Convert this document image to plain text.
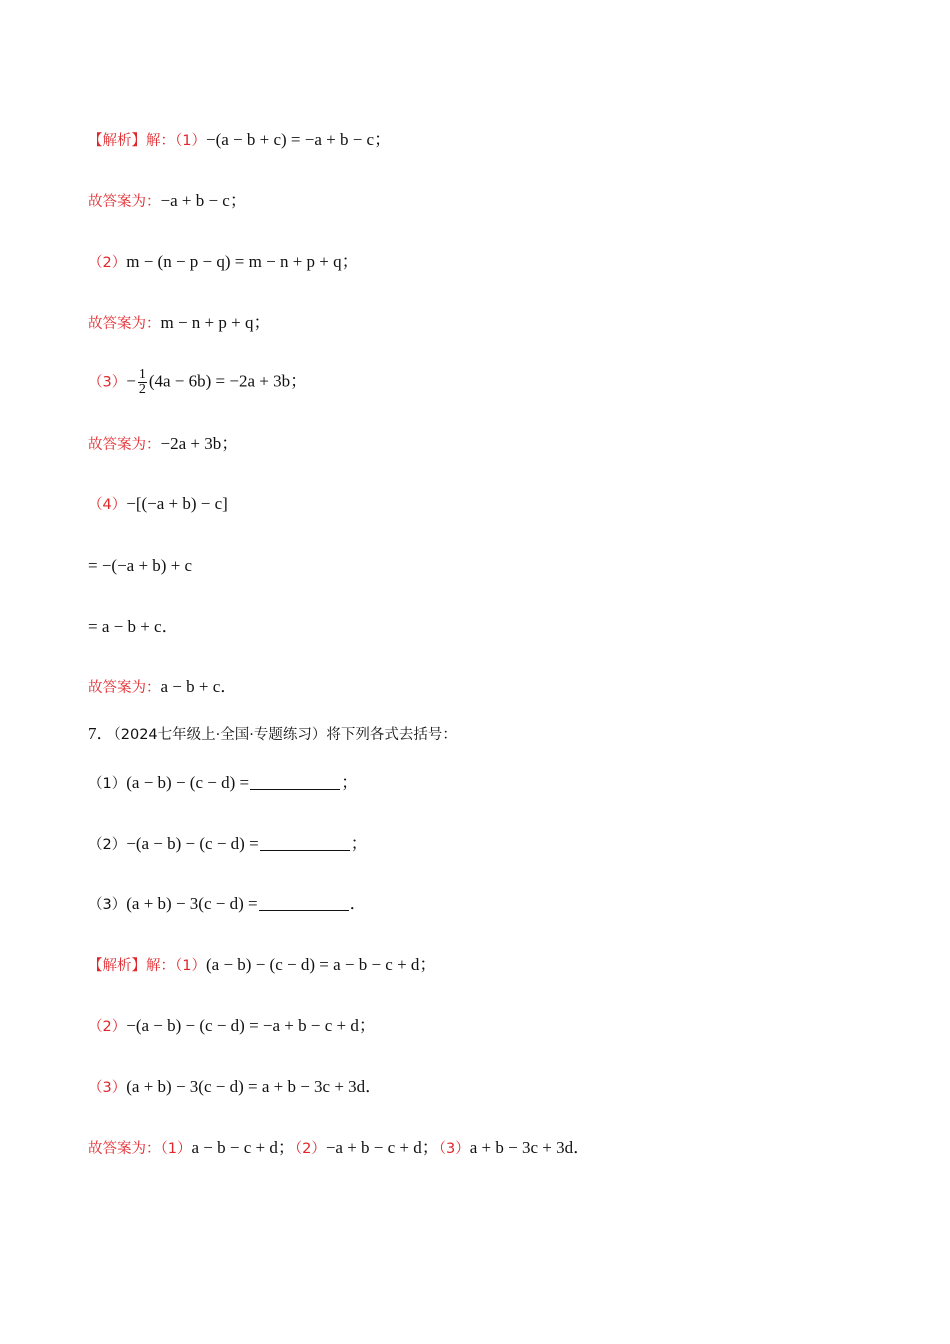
【解析】解：（1）−(a − b + c) = −a + b − c；
故答案为：−a + b − c；
（2）m − (n − p − q) = m − n + p + q；
故答案为：m − n + p + q；
$(3)- \frac{1}{2} (4a - 6b) = -2a + 3b$；
故答案为：−2a + 3b；
（4）−[(−a + b) − c]
= −(−a + b) + c
= a − b + c．
故答案为：a − b + c．
7．（2024七年级上·全国·专题练习）将下列各式去括号：
（1）(a − b) − (c − d) =	；
（2）−(a − b) − (c − d) =	；
（3）(a + b) − 3(c − d) =	．
【解析】解：（1）(a − b) − (c − d) = a − b − c + d；
（2）−(a − b) − (c − d) = −a + b − c + d；
（3）(a + b) − 3(c − d) = a + b − 3c + 3d．
故答案为：（1）a − b − c + d；（2）−a + b − c + d；（3）a + b − 3c + 3d．
